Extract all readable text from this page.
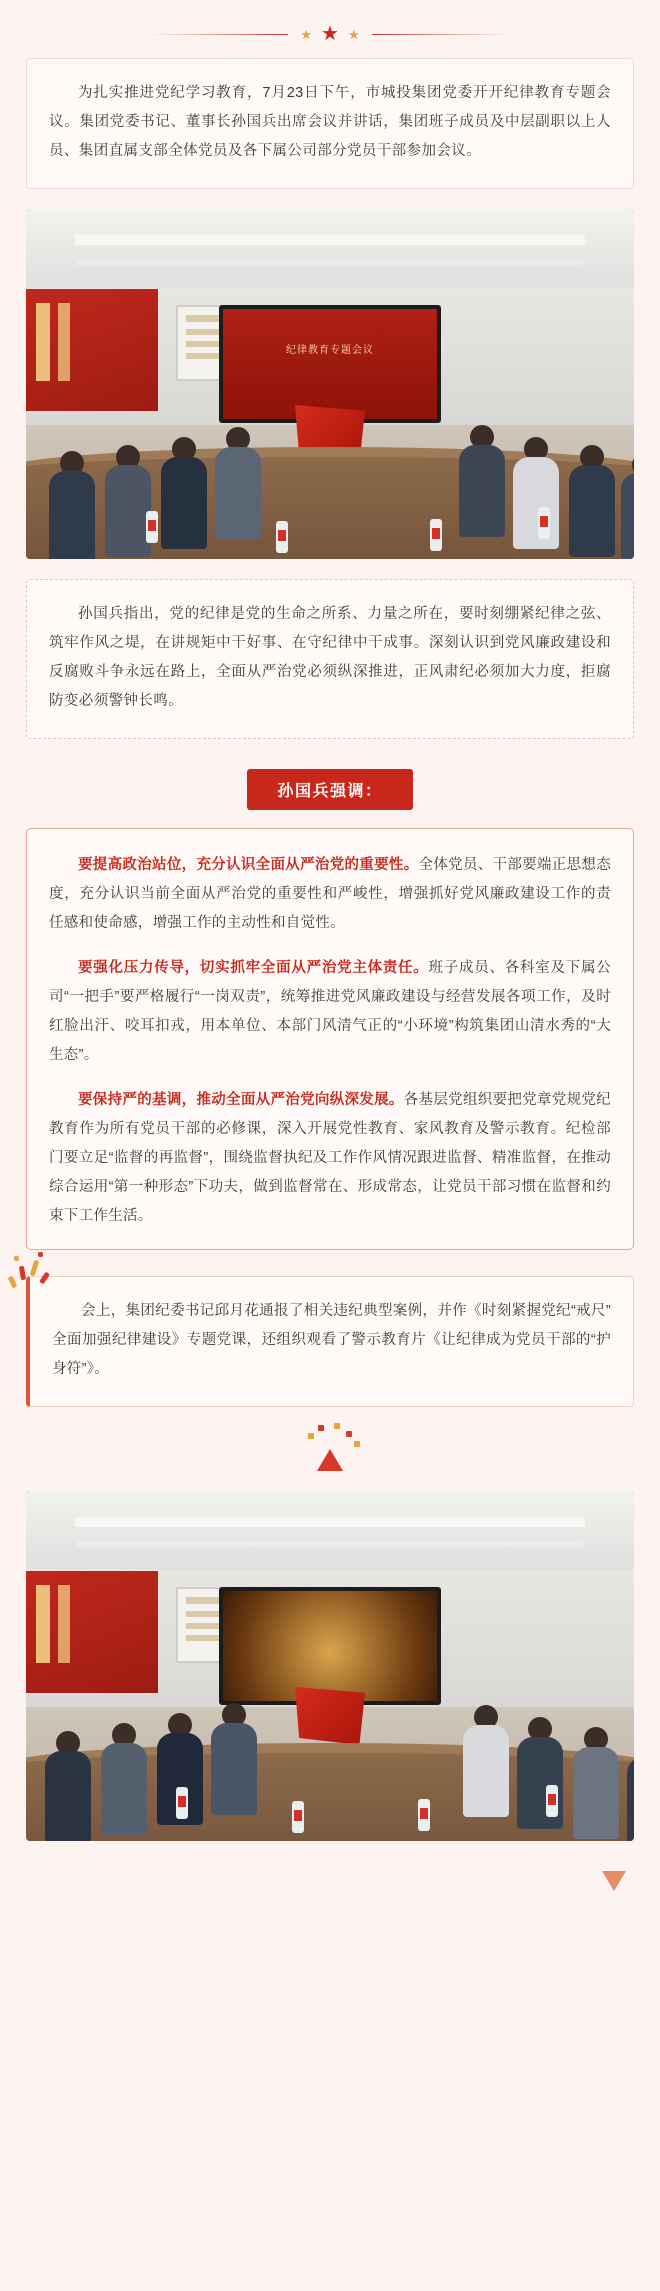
★ ★ ★

为扎实推进党纪学习教育，7月23日下午，市城投集团党委开开纪律教育专题会议。集团党委书记、董事长孙国兵出席会议并讲话，集团班子成员及中层副职以上人员、集团直属支部全体党员及各下属公司部分党员干部参加会议。

纪律教育专题会议

孙国兵指出，党的纪律是党的生命之所系、力量之所在，要时刻绷紧纪律之弦、筑牢作风之堤，在讲规矩中干好事、在守纪律中干成事。深刻认识到党风廉政建设和反腐败斗争永远在路上，全面从严治党必须纵深推进，正风肃纪必须加大力度，拒腐防变必须警钟长鸣。

孙国兵强调：

要提高政治站位，充分认识全面从严治党的重要性。全体党员、干部要端正思想态度，充分认识当前全面从严治党的重要性和严峻性，增强抓好党风廉政建设工作的责任感和使命感，增强工作的主动性和自觉性。

要强化压力传导，切实抓牢全面从严治党主体责任。班子成员、各科室及下属公司“一把手”要严格履行“一岗双责”，统筹推进党风廉政建设与经营发展各项工作，及时红脸出汗、咬耳扣戎，用本单位、本部门风清气正的“小环境”构筑集团山清水秀的“大生态”。

要保持严的基调，推动全面从严治党向纵深发展。各基层党组织要把党章党规党纪教育作为所有党员干部的必修课，深入开展党性教育、家风教育及警示教育。纪检部门要立足“监督的再监督”，围绕监督执纪及工作作风情况跟进监督、精准监督，在推动综合运用“第一种形态”下功夫，做到监督常在、形成常态，让党员干部习惯在监督和约束下工作生活。

会上，集团纪委书记邱月花通报了相关违纪典型案例，并作《时刻紧握党纪“戒尺” 全面加强纪律建设》专题党课，还组织观看了警示教育片《让纪律成为党员干部的“护身符”》。
